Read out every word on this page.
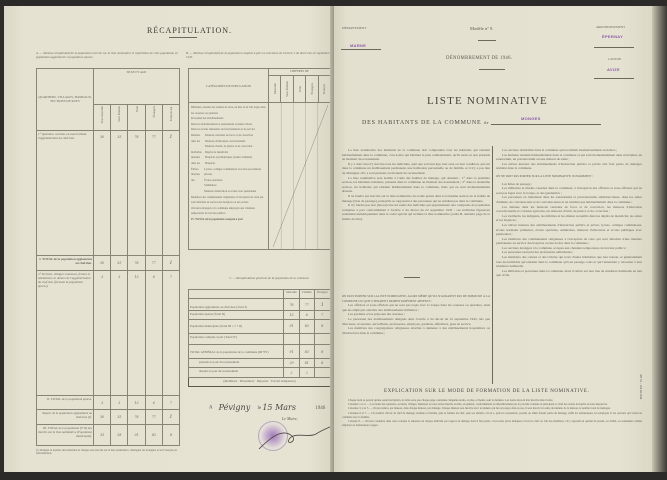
RÉCAPITULATION.
A. — Tableau récapitulatif de la population inscrite sur la liste nominative et répartition de cette population en population agglomérée et population éparse.
B. — Tableau récapitulatif de la population comptée à part en exécution de l'article 2 du décret du 22 septembre 1945
QUARTIERS, VILLAGES, HAMEAUX, SECTIONS DE RUES	SEXE ET AGE				

	Sexe masculin	Sexe féminin	Total	Étrangers	Français nat.

1° Quartiers, sections ou rues formant l'agglomération du chef-lieu.	30	35	78	77	1
I. TOTAL de la population agglomérée au chef-lieu.	30	35	78	77	1
2° Sections, villages, hameaux, fermes et habitations en dehors de l'agglomération du chef-lieu (formant la population éparse).	3	3	13	6	7
II. TOTAL de la population éparse.	3	3	13	6	7
Report de la population agglomérée au chef-lieu (I).	30	35	78	77	1
III. TOTAL de la population (I+II) des inscrits sur la liste nominative (Population municipale).	33	38	91	83	8
(1) Indiquer le nombre des individus de chaque sexe inscrits sur la liste nominative, distinguer les étrangers et les Français par naturalisation.
CATÉGORIES DE POPULATION	
CHIFFRES DE
Masculin	Sexe féminin	Total	Étrangers	Français

Militaires, marins des armées de terre, de mer et de l'air logés dans les casernes ou quartiers
Personnel des établissements
Dans les établissements et pensionnats scolaires divers
Dans les écoles nationales de fonctionnaires et de service
Détenus dans les
Maisons centrales de force et de correction
Maisons d'éducation correctionnelle
Maisons d'arrêt, de justice et de correction
Individus internés dans les
Dépôts de mendicité
Hospices psychiatriques (Asiles d'aliénés)
Hospices
Élèves internes des
Lycées, collèges communaux et écoles secondaires privées
Écoles spéciales
Séminaires
Maisons d'éducation et écoles avec pensionnat
Membres des communautés religieuses à l'exception de ceux qui sont détachés au service des hospices ou des écoles
Ouvriers étrangers à la commune employés aux chantiers temporaires de travaux publics
IV. TOTAL de la population comptée à part

C. — Récapitulation générale de la population de la commune
	Masculin	Féminin	Étrangers
Population agglomérée au chef-lieu (Total I)	78	77	1
Population éparse (Total II)	13	6	7
Population municipale (Total III = I + II)	91	83	8
Population comptée à part (Total IV)			
TOTAL GÉNÉRAL de la population de la commune (III+IV)	91	83	8
présents le jour du recensement	29	81	8
absents le jour du recensement	2	2	
(Mobilisés · Prisonniers · Déportés · Travail obligatoire)			
A Pévigny le 15 Mars	1946
Le Maire,
DÉPARTEMENT
MARNE
Modèle n° 9.	ARRONDISSEMENT
ÉPERNAY
DÉNOMBREMENT DE 1946.	CANTON
AVIZE
LISTE NOMINATIVE
DES HABITANTS DE LA COMMUNE de
MONGES

La liste nominative des habitants de la commune doit comprendre tous les habitants qui résident habituellement dans la commune, c'est-à-dire qui habitent le plus ordinairement, qu'ils aient ou non présents au moment du recensement.

Il y a donc lieu d'y inscrire tous les individus, quel que soit leur âge, leur sexe ou leur condition, qui ont dans la commune un établissement permanent, une habitation personnelle ou de famille, et il n'y a pas lieu de distinguer s'ils y sont présents au moment du recensement.

La liste nominative sera établie à l'aide des feuilles de ménage, qui donnent : 1° dans la première section, les habitants résidents, présents dans la commune au moment du recensement ; 2° dans la deuxième section, les habitants qui résident habituellement dans la commune, mais qui en sont momentanément absents.

Il ne faudra pas inscrire sur la liste nominative les noms portés dans la troisième section de la feuille de ménage (liste de passage), puisqu'ils se rapportent à des personnes qui ne résident pas dans la commune.

Il n'y faudra pas non plus inscrire les noms des individus qui appartiennent aux catégories de population comptées à part conformément à l'article 2 du décret du 22 septembre 1945 ; ces individus figureront seulement numériquement dans le cadre spécial qui termine la liste nominative (cadre B, dernière page de la feuille de titre).

ON DOIT PORTER SUR LA LISTE NOMINATIVE, ALORS MÊME QU'ILS N'AURAIENT PAS DE DOMICILE À LA COMMUNE OU QU'ILS SERAIENT MOMENTANÉMENT ABSENTS :

Les officiers et sous-officiers qui ne sont pas logés avec la troupe dans les casernes ou quartiers, ainsi que les employés attachés aux établissements militaires ;

Les gardiens et les préposés des douanes ;

Le personnel des établissements désignés dans l'article 2 du décret du 22 septembre 1945, tels que directeurs, économes, surveillants, professeurs, employés, gardiens, infirmiers, gens de service.

Les membres des congrégations religieuses attachés à demeure à des établissements hospitaliers ou d'instruction dans la commune ;

Les ouvriers domiciliés dans la commune qui travaillent momentanément au dehors ;

Les malades résidant habituellement dans la commune et qui sont momentanément dans un hôpital, un sanatorium, un préventorium ou une maison de santé ;

Les élèves internes des établissements d'instruction publics et privés s'ils font partie de ménages résidant dans la commune.

ON NE DOIT PAS PORTER SUR LA LISTE NOMINATIVE, NOTAMMENT :

Les hôtes de passage ;

Les militaires et marins casernés dans la commune, à l'exception des officiers et sous-officiers qui ne sont pas logés avec la troupe, et des gendarmes ;

Les personnes en traitement dans les sanatoriums et préventoriums antituberculeux, dans les asiles d'aliénés, de convalescents et de convalescentes et ne résidant pas habituellement dans la commune ;

Les détenus dans les maisons centrales de force et de correction, les maisons d'éducation correctionnelle et colonies agricoles, les maisons d'arrêt, de justice et de correction ;

Les vieillards, les indigents, les infirmes et les aliénés recueillis dans les dépôts de mendicité, les asiles et les hospices ;

Les élèves internes des établissements d'instruction publics et privés, lycées, collèges communaux, écoles normales primaires, écoles spéciales, séminaires, maisons d'éducation et écoles publiques avec pensionnat ;

Les membres des communautés religieuses à l'exception de ceux qui sont détachés d'une manière permanente au service des hospices ou des écoles dans la commune ;

Les ouvriers étrangers à la commune occupés aux chantiers temporaires de travaux publics ;

Les personnes exerçant des professions ambulantes ;

Les mariniers des canaux et des rivières qui n'ont d'autre habitation que leur bateau, et généralement tous les individus qui résident dans la commune qu'à un passage court et qui l'entendent y retourner à leur résidence habituelle.

Les militaires et personnes dans la commune, mais il relève sur leur lieu de résidence habituelle en tant que civils.

EXPLICATION SUR LE MODE DE FORMATION DE LA LISTE NOMINATIVE.

Chaque nom se portait qu'une seule inscription, de telle sorte que chaque page contienne cinquante noms, et plus, et moins, sauf la dernière. Les noms devront être inscrits dans l'ordre.

Colonnes 1 et 2. — Les noms des quartiers, sections, villages, hameaux ou rues seront inscrits en tête, en général, conformément au dénombrement par le procédé contenu en principale, le chef des ordres lorsqu'ils en sont dépourvus.

Colonnes 3, 4 et 5. — On procédera, par maison, dans chaque maison, par ménage. Chaque maison sera inscrite avec le numéro qui lui est propre dans sa rue, il sera inscrit à la suite du numéro de la maison, le nombre total de ménages.

Colonnes 6 et 7. — Un nombre d'écart de chef de ménage, homme ou femme, puis la femme du chef, puis ses enfants, s'il en a, puis les ascendants, parents ou alliés faisant partie du ménage, enfin les domestiques, les employés et les ouvriers qui vivent en commun avec la famille.

Colonne 8. — On fera connaître dans cette colonne la situation de chaque individu par rapport au ménage dont il fait partie, c'est-à-dire qu'on indiquera s'il est le chef ou l'un des membres, s'il y apparaît en qualité de parent, ou d'allié, ou seulement comme employé ou domestique à gages.

AD 51 - 124 M 1946
